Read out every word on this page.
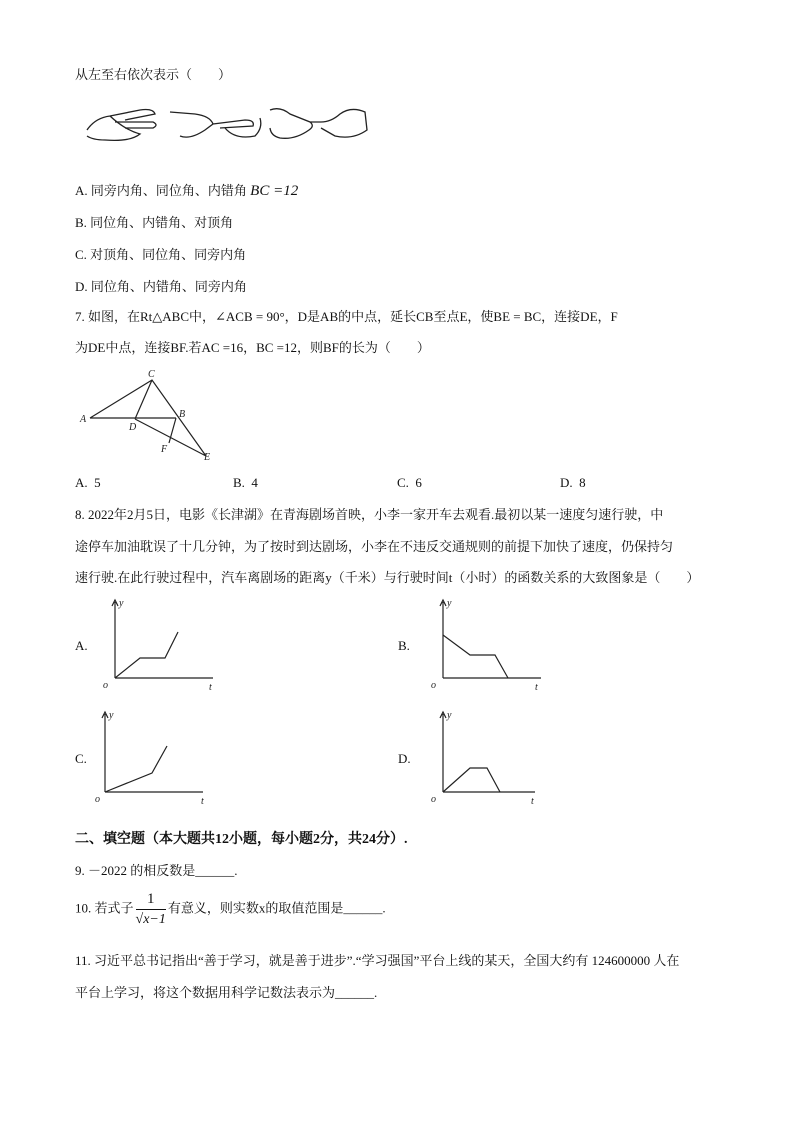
从左至右依次表示（　　）
A. 同旁内角、同位角、内错角 BC =12
B. 同位角、内错角、对顶角
C. 对顶角、同位角、同旁内角
D. 同位角、内错角、同旁内角
7. 如图，在Rt△ABC中，∠ACB = 90°，D是AB的中点，延长CB至点E，使BE = BC，连接DE，F
为DE中点，连接BF.若AC =16，BC =12，则BF的长为（　　）
A
C
B
D
F
E
A. 5	B. 4	C. 6	D. 8
8. 2022年2月5日，电影《长津湖》在青海剧场首映，小李一家开车去观看.最初以某一速度匀速行驶，中
途停车加油耽误了十几分钟，为了按时到达剧场，小李在不违反交通规则的前提下加快了速度，仍保持匀
速行驶.在此行驶过程中，汽车离剧场的距离y（千米）与行驶时间t（小时）的函数关系的大致图象是（　　）
A.
y
t
o
B.
y
t
o
C.
y
t
o
D.
y
t
o
二、填空题（本大题共12小题，每小题2分，共24分）.
9. －2022 的相反数是______.
10. 若式子 $\frac{1}{√x-1}$ 有意义，则实数x的取值范围是______.
11. 习近平总书记指出“善于学习，就是善于进步”.“学习强国”平台上线的某天，全国大约有 124600000 人在
平台上学习，将这个数据用科学记数法表示为______.
